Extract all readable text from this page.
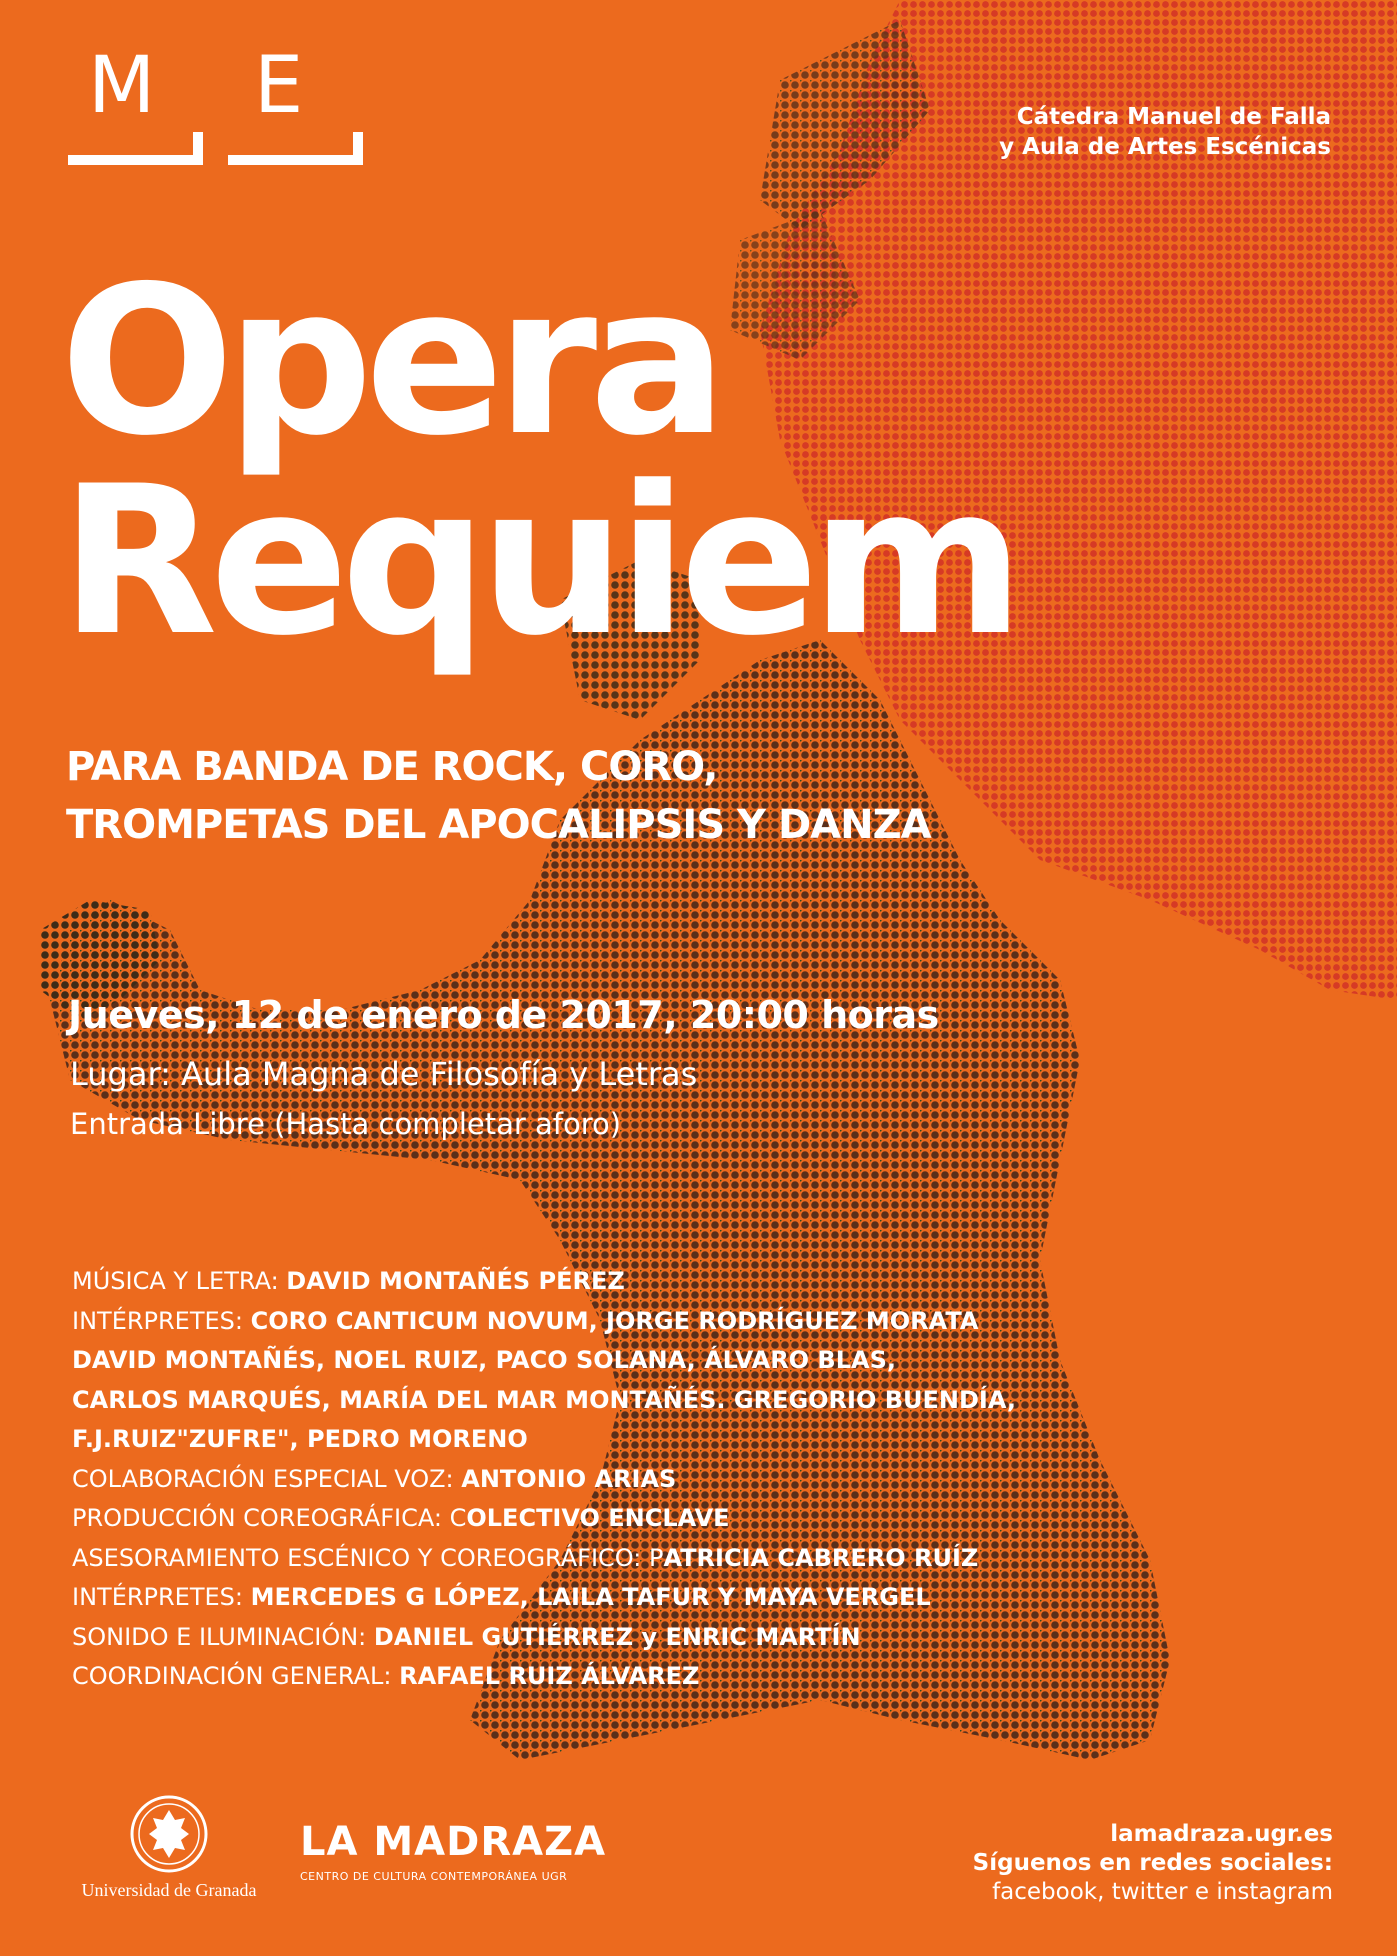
M E	Cátedra Manuel de Falla
y Aula de Artes Escénicas
Opera
Requiem
PARA BANDA DE ROCK, CORO,
TROMPETAS DEL APOCALIPSIS Y DANZA
Jueves, 12 de enero de 2017, 20:00 horas
Lugar: Aula Magna de Filosofía y Letras
Entrada Libre (Hasta completar aforo)
MÚSICA Y LETRA: DAVID MONTAÑÉS PÉREZ
INTÉRPRETES: CORO CANTICUM NOVUM, JORGE RODRÍGUEZ MORATA
DAVID MONTAÑÉS, NOEL RUIZ, PACO SOLANA, ÁLVARO BLAS,
CARLOS MARQUÉS, MARÍA DEL MAR MONTAÑÉS. GREGORIO BUENDÍA,
F.J.RUIZ"ZUFRE", PEDRO MORENO
COLABORACIÓN ESPECIAL VOZ: ANTONIO ARIAS
PRODUCCIÓN COREOGRÁFICA: COLECTIVO ENCLAVE
ASESORAMIENTO ESCÉNICO Y COREOGRÁFICO: PATRICIA CABRERO RUÍZ
INTÉRPRETES: MERCEDES G LÓPEZ, LAILA TAFUR Y MAYA VERGEL
SONIDO E ILUMINACIÓN: DANIEL GUTIÉRREZ y ENRIC MARTÍN
COORDINACIÓN GENERAL: RAFAEL RUIZ ÁLVAREZ
Universidad de Granada
LA MADRAZA
CENTRO DE CULTURA CONTEMPORÁNEA UGR
lamadraza.ugr.es
Síguenos en redes sociales:
facebook, twitter e instagram
